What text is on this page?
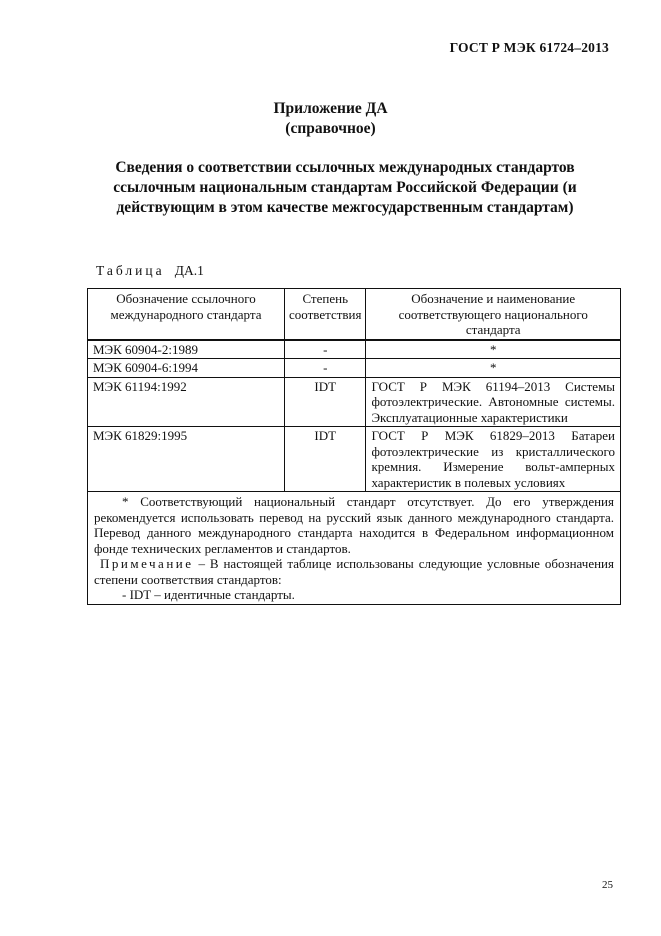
ГОСТ Р МЭК 61724–2013
Приложение ДА
(справочное)
Сведения о соответствии ссылочных международных стандартов ссылочным национальным стандартам Российской Федерации (и действующим в этом качестве межгосударственным стандартам)
Таблица ДА.1
Обозначение ссылочного международного стандарта	Степень соответствия	Обозначение и наименование соответствующего национального стандарта
МЭК 60904-2:1989	-	*
МЭК 60904-6:1994	-	*
МЭК 61194:1992	IDT	ГОСТ Р МЭК 61194–2013 Системы фотоэлектрические. Автономные системы. Эксплуатационные характеристики
МЭК 61829:1995	IDT	ГОСТ Р МЭК 61829–2013 Батареи фотоэлектрические из кристаллического кремния. Измерение вольт-амперных характеристик в полевых условиях

* Соответствующий национальный стандарт отсутствует. До его утверждения рекомендуется использовать перевод на русский язык данного международного стандарта. Перевод данного международного стандарта находится в Федеральном информационном фонде технических регламентов и стандартов.

Примечание – В настоящей таблице использованы следующие условные обозначения степени соответствия стандартов:

- IDT – идентичные стандарты.		

25
